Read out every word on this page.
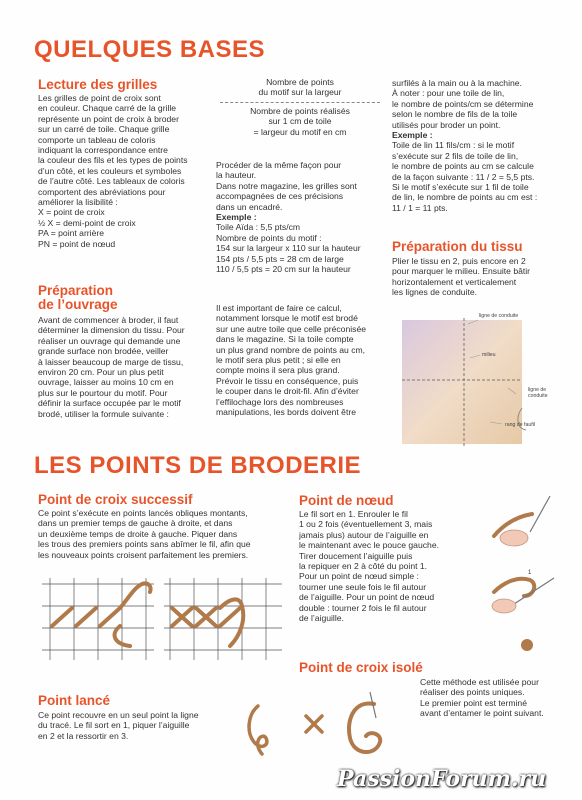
QUELQUES BASES
Lecture des grilles
Les grilles de point de croix sont
en couleur. Chaque carré de la grille
représente un point de croix à broder
sur un carré de toile. Chaque grille
comporte un tableau de coloris
indiquant la correspondance entre
la couleur des fils et les types de points
d’un côté, et les couleurs et symboles
de l’autre côté. Les tableaux de coloris
comportent des abréviations pour
améliorer la lisibilité :
X = point de croix
½ X = demi-point de croix
PA = point arrière
PN = point de nœud
Préparation
de l’ouvrage
Avant de commencer à broder, il faut
déterminer la dimension du tissu. Pour
réaliser un ouvrage qui demande une
grande surface non brodée, veiller
à laisser beaucoup de marge de tissu,
environ 20 cm. Pour un plus petit
ouvrage, laisser au moins 10 cm en
plus sur le pourtour du motif. Pour
définir la surface occupée par le motif
brodé, utiliser la formule suivante :
Nombre de points
du motif sur la largeur
Nombre de points réalisés
sur 1 cm de toile
= largeur du motif en cm
Procéder de la même façon pour
la hauteur.
Dans notre magazine, les grilles sont
accompagnées de ces précisions
dans un encadré.
Exemple :
Toile Aïda : 5,5 pts/cm
Nombre de points du motif :
154 sur la largeur x 110 sur la hauteur
154 pts / 5,5 pts = 28 cm de large
110 / 5,5 pts = 20 cm sur la hauteur
Il est important de faire ce calcul,
notamment lorsque le motif est brodé
sur une autre toile que celle préconisée
dans le magazine. Si la toile compte
un plus grand nombre de points au cm,
le motif sera plus petit ; si elle en
compte moins il sera plus grand.
Prévoir le tissu en conséquence, puis
le couper dans le droit-fil. Afin d’éviter
l’effilochage lors des nombreuses
manipulations, les bords doivent être
surfilés à la main ou à la machine.
À noter : pour une toile de lin,
le nombre de points/cm se détermine
selon le nombre de fils de la toile
utilisés pour broder un point.
Exemple :
Toile de lin 11 fils/cm : si le motif
s’exécute sur 2 fils de toile de lin,
le nombre de points au cm se calcule
de la façon suivante : 11 / 2 = 5,5 pts.
Si le motif s’exécute sur 1 fil de toile
de lin, le nombre de points au cm est :
11 / 1 = 11 pts.
Préparation du tissu
Plier le tissu en 2, puis encore en 2
pour marquer le milieu. Ensuite bâtir
horizontalement et verticalement
les lignes de conduite.
ligne de conduite
milieu
ligne de
conduite
rang de faufil
LES POINTS DE BRODERIE
Point de croix successif
Ce point s’exécute en points lancés obliques montants,
dans un premier temps de gauche à droite, et dans
un deuxième temps de droite à gauche. Piquer dans
les trous des premiers points sans abîmer le fil, afin que
les nouveaux points croisent parfaitement les premiers.
Point lancé
Ce point recouvre en un seul point la ligne
du tracé. Le fil sort en 1, piquer l’aiguille
en 2 et la ressortir en 3.
Point de nœud
Le fil sort en 1. Enrouler le fil
1 ou 2 fois (éventuellement 3, mais
jamais plus) autour de l’aiguille en
le maintenant avec le pouce gauche.
Tirer doucement l’aiguille puis
la repiquer en 2 à côté du point 1.
Pour un point de nœud simple :
tourner une seule fois le fil autour
de l’aiguille. Pour un point de nœud
double : tourner 2 fois le fil autour
de l’aiguille.
1
Point de croix isolé
Cette méthode est utilisée pour
réaliser des points uniques.
Le premier point est terminé
avant d’entamer le point suivant.
PassionForum.ru
